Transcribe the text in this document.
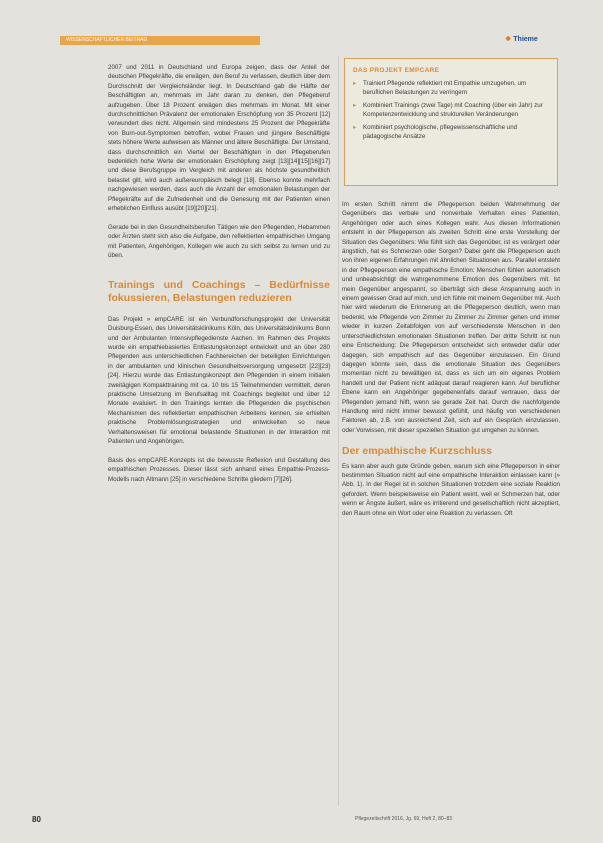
WISSENSCHAFTLICHER BEITRAG	❖ Thieme

2007 und 2011 in Deutschland und Europa zeigen, dass der Anteil der deutschen Pflegekräfte, die erwägen, den Beruf zu verlassen, deutlich über dem Durchschnitt der Vergleichsländer liegt. In Deutschland gab die Hälfte der Beschäftigten an, mehrmals im Jahr daran zu denken, den Pflegeberuf aufzugeben. Über 18 Prozent erwägen dies mehrmals im Monat. Mit einer durchschnittlichen Prävalenz der emotionalen Erschöpfung von 35 Prozent [12] verwundert dies nicht. Allgemein sind mindestens 25 Prozent der Pflegekräfte von Burn-out-Symptomen betroffen, wobei Frauen und jüngere Beschäftigte stets höhere Werte aufweisen als Männer und ältere Beschäftigte. Der Umstand, dass durchschnittlich ein Viertel der Beschäftigten in den Pflegeberufen bedenklich hohe Werte der emotionalen Erschöpfung zeigt [13][14][15][16][17] und diese Berufsgruppe im Vergleich mit anderen als höchste gesundheitlich belastet gilt, wird auch außereuropäisch belegt [18]. Ebenso konnte mehrfach nachgewiesen werden, dass auch die Anzahl der emotionalen Belastungen der Pflegekräfte auf die Zufriedenheit und die Genesung mit der Patienten einen erheblichen Einfluss ausübt [19][20][21].

Gerade bei in den Gesundheitsberufen Tätigen wie den Pflegenden, Hebammen oder Ärzten steht sich also die Aufgabe, den reflektierten empathischen Umgang mit Patienten, Angehörigen, Kollegen wie auch zu sich selbst zu lernen und zu üben.

Trainings und Coachings – Bedürfnisse fokussieren, Belastungen reduzieren

Das Projekt » empCARE ist ein Verbundforschungsprojekt der Universität Duisburg-Essen, des Universitätsklinikums Köln, des Universitätsklinikums Bonn und der Ambulanten Intensivpflegedienste Aachen. Im Rahmen des Projekts wurde ein empathiebasiertes Entlastungskonzept entwickelt und an über 280 Pflegenden aus unterschiedlichen Fachbereichen der beteiligten Einrichtungen in der ambulanten und klinischen Gesundheitsversorgung umgesetzt [22][23][24]. Hierzu wurde das Entlastungskonzept den Pflegenden in einem initialen zweitägigen Kompakttraining mit ca. 10 bis 15 Teilnehmenden vermittelt, deren praktische Umsetzung im Berufsalltag mit Coachings begleitet und über 12 Monate evaluiert. In den Trainings lernten die Pflegenden die psychischen Mechanismen des reflektierten empathischen Arbeitens kennen, sie erhielten praktische Problemlösungsstrategien und entwickelten so neue Verhaltensweisen für emotional belastende Situationen in der Interaktion mit Patienten und Angehörigen.

Basis des empCARE-Konzepts ist die bewusste Reflexion und Gestaltung des empathischen Prozesses. Dieser lässt sich anhand eines Empathie-Prozess-Modells nach Altmann [25] in verschiedene Schritte gliedern [7][26].

DAS PROJEKT EMPCARE
▸ Trainiert Pflegende reflektiert mit Empathie umzugehen, um beruflichen Belastungen zu verringern
▸ Kombiniert Trainings (zwei Tage) mit Coaching (über ein Jahr) zur Kompetenzentwicklung und strukturellen Veränderungen
▸ Kombiniert psychologische, pflegewissenschaftliche und pädagogische Ansätze

Im ersten Schritt nimmt die Pflegeperson beiden Wahrnehmung der Gegenübers das verbale und nonverbale Verhalten eines Patienten, Angehörigen oder auch eines Kollegen wahr. Aus diesen Informationen entsteht in der Pflegeperson als zweiten Schritt eine erste Vorstellung der Situation des Gegenübers: Wie fühlt sich das Gegenüber, ist es verärgert oder ängstlich, hat es Schmerzen oder Sorgen? Dabei geht die Pflegeperson auch von ihren eigenen Erfahrungen mit ähnlichen Situationen aus. Parallel entsteht in der Pflegeperson eine empathische Emotion: Menschen fühlen automatisch und unbeabsichtigt die wahrgenommene Emotion des Gegenübers mit. Ist mein Gegenüber angespannt, so überträgt sich diese Anspannung auch in einem gewissen Grad auf mich, und ich fühle mit meinem Gegenüber mit. Auch hier wird wiederum die Erinnerung an die Pflegeperson deutlich, wenn man bedenkt, wie Pflegende von Zimmer zu Zimmer zu Zimmer gehen und immer wieder in kurzen Zeitabfolgen von auf verschiedenste Menschen in den unterschiedlichsten emotionalen Situationen treffen. Der dritte Schritt ist nun eine Entscheidung: Die Pflegeperson entscheidet sich entweder dafür oder dagegen, sich empathisch auf das Gegenüber einzulassen. Ein Grund dagegen könnte sein, dass die emotionale Situation des Gegenübers momentan nicht zu bewältigen ist, dass es sich um ein eigenes Problem handelt und der Patient nicht adäquat darauf reagieren kann. Auf beruflicher Ebene kann ein Angehöriger gegebenenfalls darauf vertrauen, dass der Pflegenden jemand hilft, wenn sie gerade Zeit hat. Durch die nachfolgende Handlung wird nicht immer bewusst gefühlt, und häufig von verschiedenen Faktoren ab, z.B. von ausreichend Zeit, sich auf ein Gespräch einzulassen, oder Vorwissen, mit dieser speziellen Situation gut umgehen zu können.

Der empathische Kurzschluss

Es kann aber auch gute Gründe geben, warum sich eine Pflegeperson in einer bestimmten Situation nicht auf eine empathische Interaktion einlassen kann (» Abb. 1). In der Regel ist in solchen Situationen trotzdem eine soziale Reaktion gefordert. Wenn beispielsweise ein Patient weint, weil er Schmerzen hat, oder wenn er Ängste äußert, wäre es irritierend und gesellschaftlich nicht akzeptiert, den Raum ohne ein Wort oder eine Reaktion zu verlassen. Oft

80	Pflegezeitschrift 2016, Jg. 69, Heft 2, 80–83
